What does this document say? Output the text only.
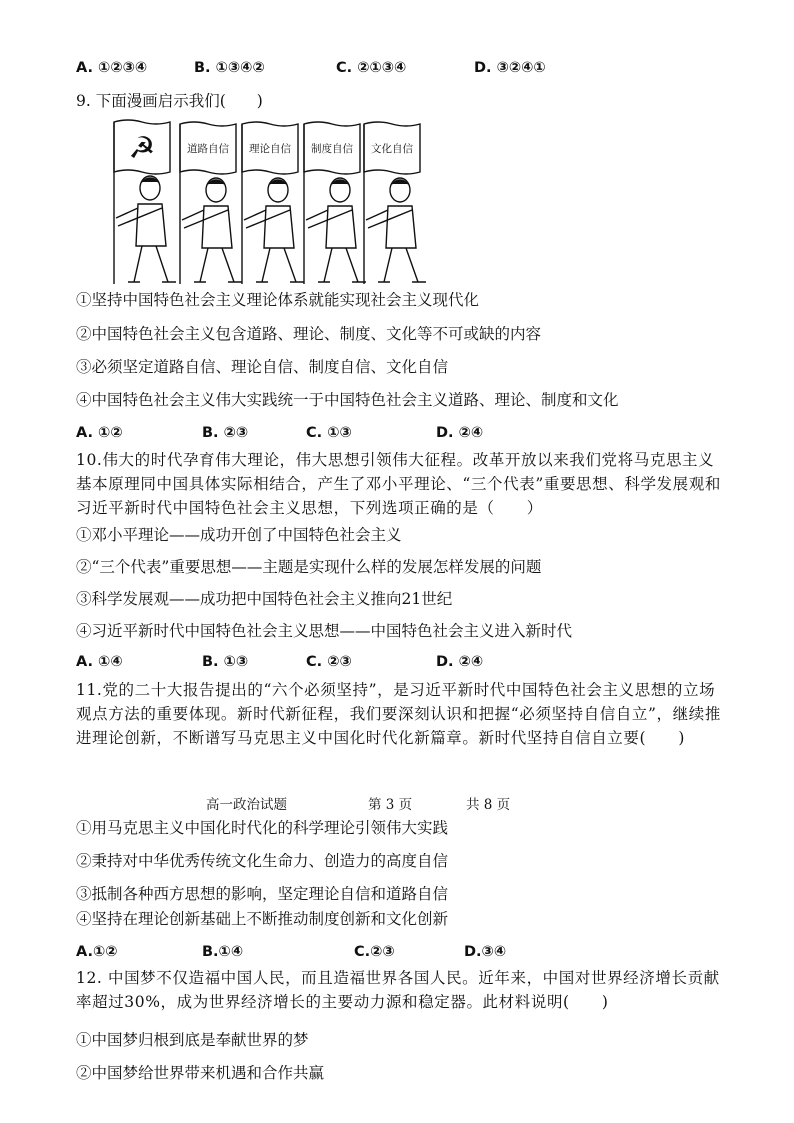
A. ①②③④	B. ①③④②	C. ②①③④	D. ③②④①
9. 下面漫画启示我们(　　)
☭	道路自信 理论自信 制度自信 文化自信
①坚持中国特色社会主义理论体系就能实现社会主义现代化
②中国特色社会主义包含道路、理论、制度、文化等不可或缺的内容
③必须坚定道路自信、理论自信、制度自信、文化自信
④中国特色社会主义伟大实践统一于中国特色社会主义道路、理论、制度和文化
A. ①②	B. ②③	C. ①③	D. ②④
10.伟大的时代孕育伟大理论，伟大思想引领伟大征程。改革开放以来我们党将马克思主义基本原理同中国具体实际相结合，产生了邓小平理论、“三个代表”重要思想、科学发展观和习近平新时代中国特色社会主义思想，下列选项正确的是（　　）
①邓小平理论——成功开创了中国特色社会主义
②“三个代表”重要思想——主题是实现什么样的发展怎样发展的问题
③科学发展观——成功把中国特色社会主义推向21世纪
④习近平新时代中国特色社会主义思想——中国特色社会主义进入新时代
A. ①④	B. ①③	C. ②③	D. ②④
11.党的二十大报告提出的“六个必须坚持”，是习近平新时代中国特色社会主义思想的立场观点方法的重要体现。新时代新征程，我们要深刻认识和把握“必须坚持自信自立”，继续推进理论创新，不断谱写马克思主义中国化时代化新篇章。新时代坚持自信自立要(　　)
高一政治试题	第 3 页	共 8 页
①用马克思主义中国化时代化的科学理论引领伟大实践
②秉持对中华优秀传统文化生命力、创造力的高度自信
③抵制各种西方思想的影响，坚定理论自信和道路自信
④坚持在理论创新基础上不断推动制度创新和文化创新
A.①②	B.①④	C.②③	D.③④
12. 中国梦不仅造福中国人民，而且造福世界各国人民。近年来，中国对世界经济增长贡献率超过30%，成为世界经济增长的主要动力源和稳定器。此材料说明(　　)
①中国梦归根到底是奉献世界的梦
②中国梦给世界带来机遇和合作共赢
